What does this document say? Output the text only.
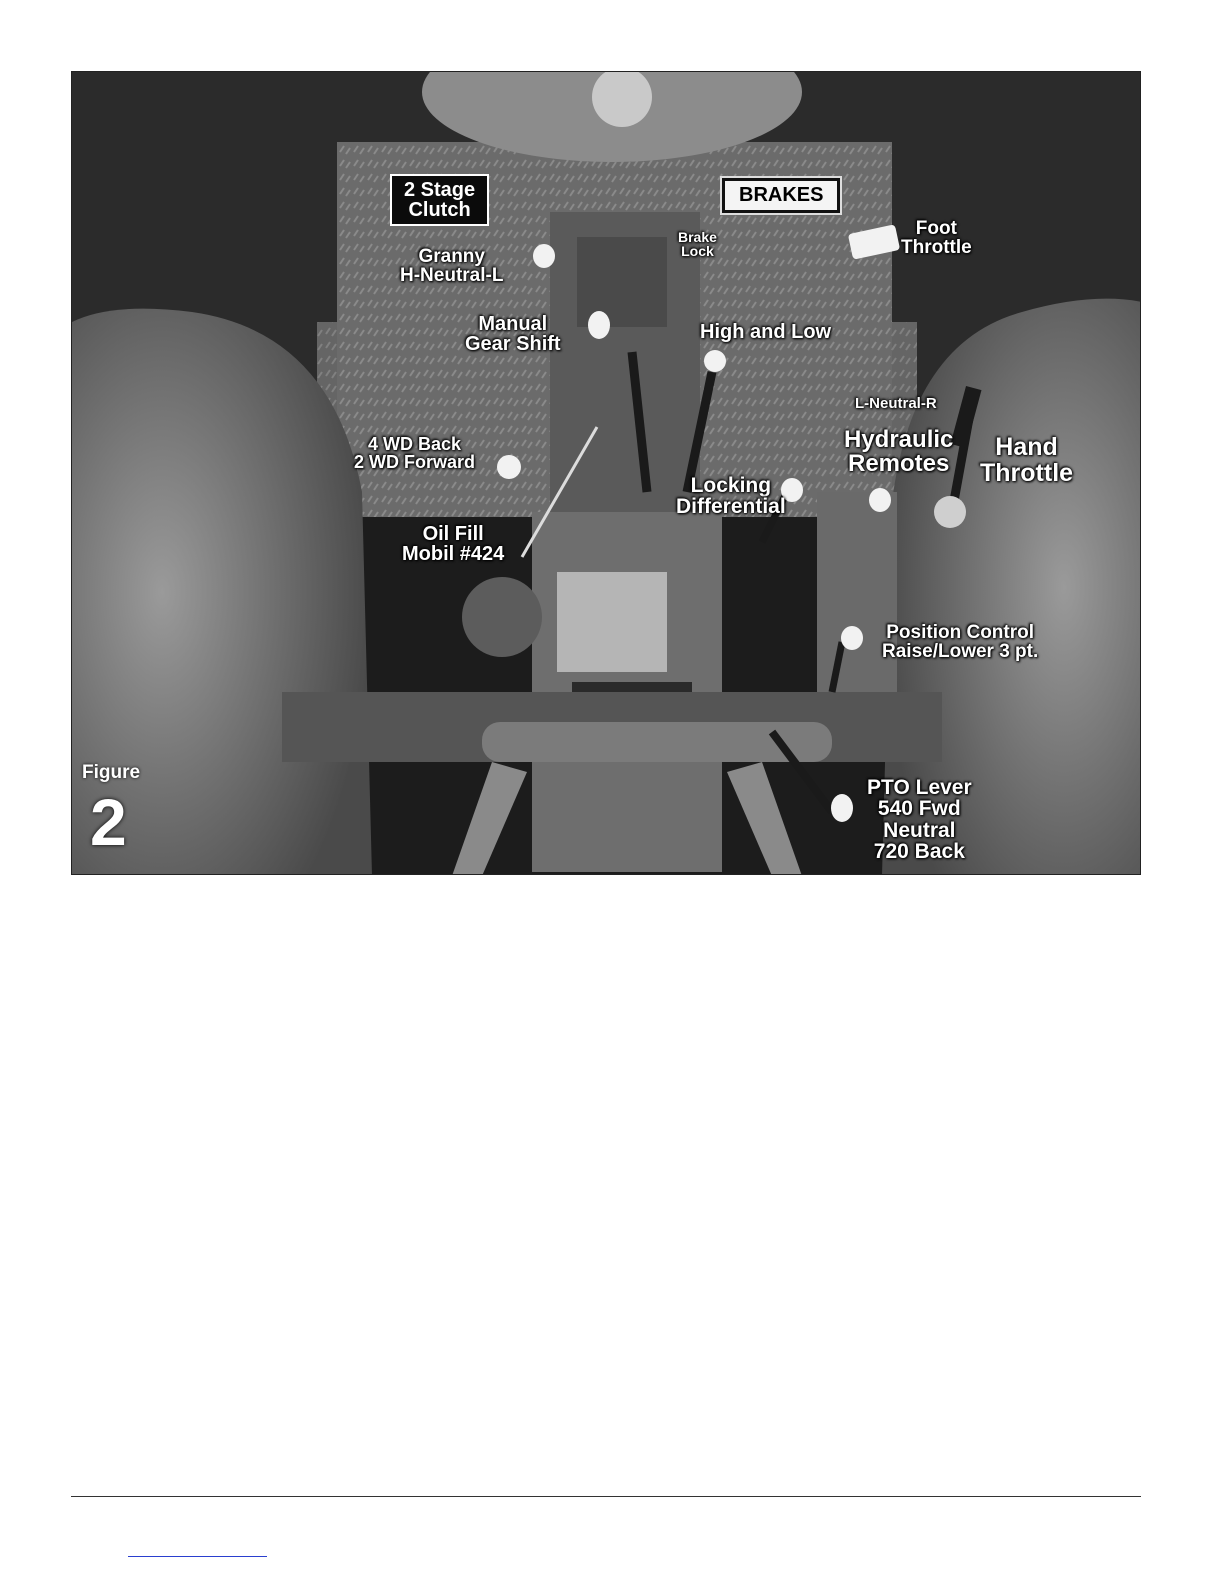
2 Stage
Clutch
BRAKES
Brake
Lock
Foot
Throttle
Granny
H-Neutral-L
Manual
Gear Shift
High and Low
L-Neutral-R
Hydraulic
Remotes
Hand
Throttle
4 WD Back
2 WD Forward
Locking
Differential
Oil Fill
Mobil #424
Position Control
Raise/Lower 3 pt.
PTO Lever
540 Fwd
Neutral
720 Back
Figure
2
